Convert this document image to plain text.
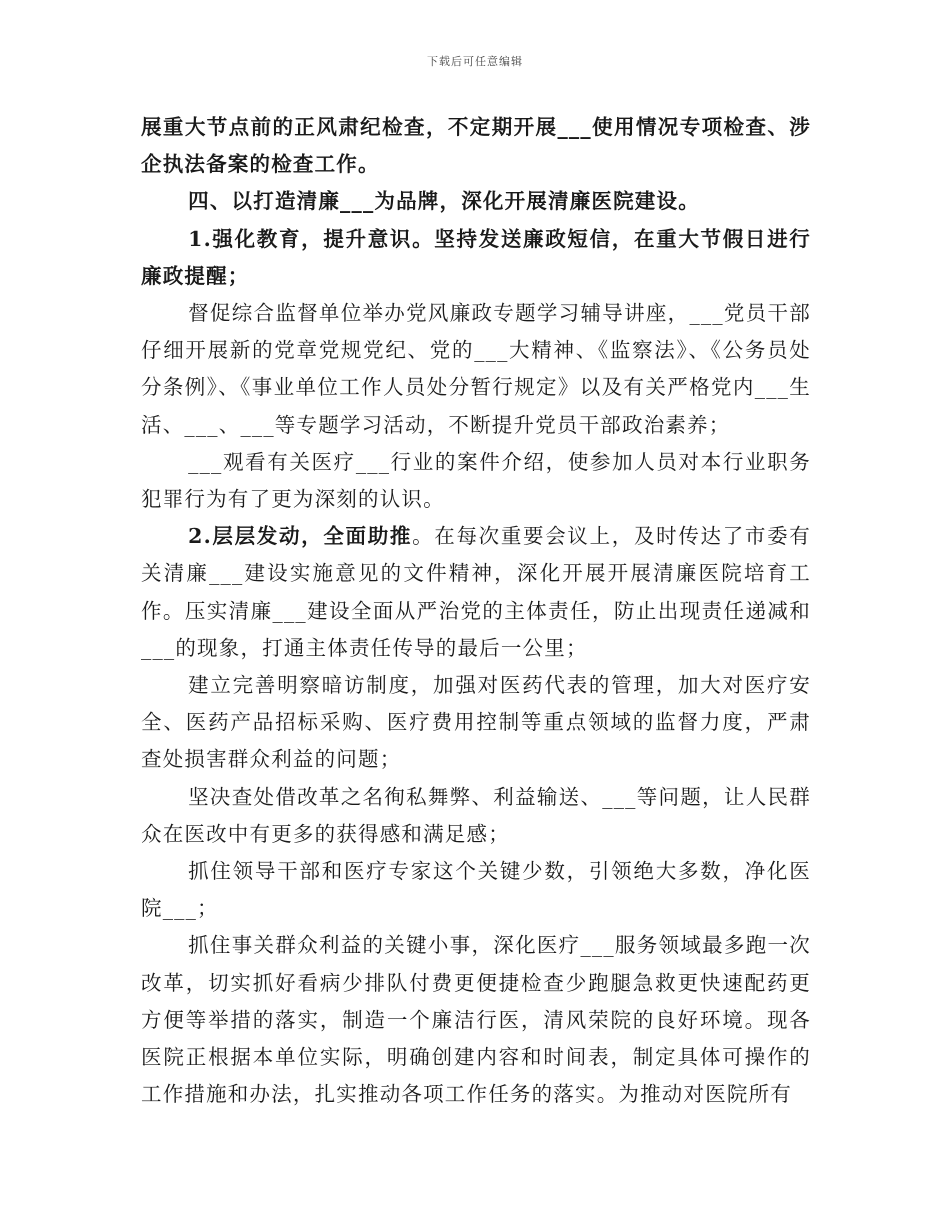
下载后可任意编辑

展重大节点前的正风肃纪检查，不定期开展___使用情况专项检查、涉企执法备案的检查工作。

四、以打造清廉___为品牌，深化开展清廉医院建设。

1.强化教育，提升意识。坚持发送廉政短信，在重大节假日进行廉政提醒；

督促综合监督单位举办党风廉政专题学习辅导讲座，___党员干部仔细开展新的党章党规党纪、党的___大精神、《监察法》、《公务员处分条例》、《事业单位工作人员处分暂行规定》以及有关严格党内___生活、___、___等专题学习活动，不断提升党员干部政治素养；

___观看有关医疗___行业的案件介绍，使参加人员对本行业职务犯罪行为有了更为深刻的认识。

2.层层发动，全面助推。在每次重要会议上，及时传达了市委有关清廉___建设实施意见的文件精神，深化开展开展清廉医院培育工作。压实清廉___建设全面从严治党的主体责任，防止出现责任递减和___的现象，打通主体责任传导的最后一公里；

建立完善明察暗访制度，加强对医药代表的管理，加大对医疗安全、医药产品招标采购、医疗费用控制等重点领域的监督力度，严肃查处损害群众利益的问题；

坚决查处借改革之名徇私舞弊、利益输送、___等问题，让人民群众在医改中有更多的获得感和满足感；

抓住领导干部和医疗专家这个关键少数，引领绝大多数，净化医院___；

抓住事关群众利益的关键小事，深化医疗___服务领域最多跑一次改革，切实抓好看病少排队付费更便捷检查少跑腿急救更快速配药更方便等举措的落实，制造一个廉洁行医，清风荣院的良好环境。现各医院正根据本单位实际，明确创建内容和时间表，制定具体可操作的工作措施和办法，扎实推动各项工作任务的落实。为推动对医院所有
